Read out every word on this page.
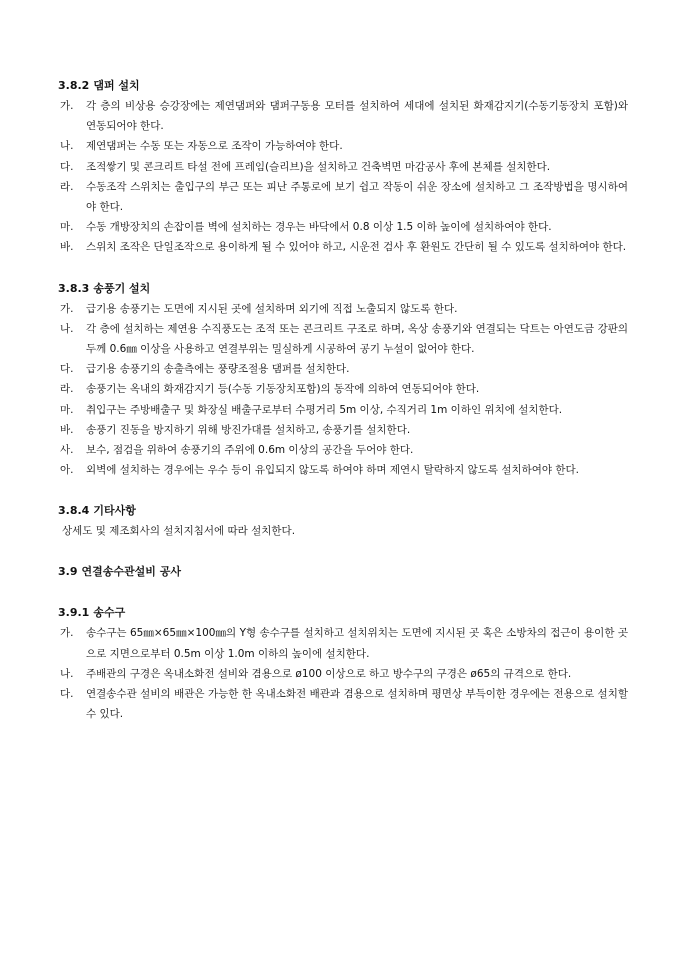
3.8.2 댐퍼 설치
가.	각 층의 비상용 승강장에는 제연댐퍼와 댐퍼구동용 모터를 설치하여 세대에 설치된 화재감지기(수동기동장치 포함)와 연동되어야 한다.
나.	제연댐퍼는 수동 또는 자동으로 조작이 가능하여야 한다.
다.	조적쌓기 및 콘크리트 타설 전에 프레임(슬리브)을 설치하고 건축벽면 마감공사 후에 본체를 설치한다.
라.	수동조작 스위치는 출입구의 부근 또는 피난 주통로에 보기 쉽고 작동이 쉬운 장소에 설치하고 그 조작방법을 명시하여야 한다.
마.	수동 개방장치의 손잡이를 벽에 설치하는 경우는 바닥에서 0.8 이상 1.5 이하 높이에 설치하여야 한다.
바.	스위치 조작은 단일조작으로 용이하게 될 수 있어야 하고, 시운전 검사 후 환원도 간단히 될 수 있도록 설치하여야 한다.
3.8.3 송풍기 설치
가.	급기용 송풍기는 도면에 지시된 곳에 설치하며 외기에 직접 노출되지 않도록 한다.
나.	각 층에 설치하는 제연용 수직풍도는 조적 또는 콘크리트 구조로 하며, 옥상 송풍기와 연결되는 닥트는 아연도금 강판의 두께 0.6㎜ 이상을 사용하고 연결부위는 밀실하게 시공하여 공기 누설이 없어야 한다.
다.	급기용 송풍기의 송출측에는 풍량조절용 댐퍼를 설치한다.
라.	송풍기는 옥내의 화재감지기 등(수동 기동장치포함)의 동작에 의하여 연동되어야 한다.
마.	취입구는 주방배출구 및 화장실 배출구로부터 수평거리 5m 이상, 수직거리 1m 이하인 위치에 설치한다.
바.	송풍기 진동을 방지하기 위해 방진가대를 설치하고, 송풍기를 설치한다.
사.	보수, 점검을 위하여 송풍기의 주위에 0.6m 이상의 공간을 두어야 한다.
아.	외벽에 설치하는 경우에는 우수 등이 유입되지 않도록 하여야 하며 제연시 탈락하지 않도록 설치하여야 한다.
3.8.4 기타사항
상세도 및 제조회사의 설치지침서에 따라 설치한다.
3.9 연결송수관설비 공사
3.9.1 송수구
가.	송수구는 65㎜×65㎜×100㎜의 Y형 송수구를 설치하고 설치위치는 도면에 지시된 곳 혹은 소방차의 접근이 용이한 곳으로 지면으로부터 0.5m 이상 1.0m 이하의 높이에 설치한다.
나.	주배관의 구경은 옥내소화전 설비와 겸용으로 ø100 이상으로 하고 방수구의 구경은 ø65의 규격으로 한다.
다.	연결송수관 설비의 배관은 가능한 한 옥내소화전 배관과 겸용으로 설치하며 평면상 부득이한 경우에는 전용으로 설치할 수 있다.
